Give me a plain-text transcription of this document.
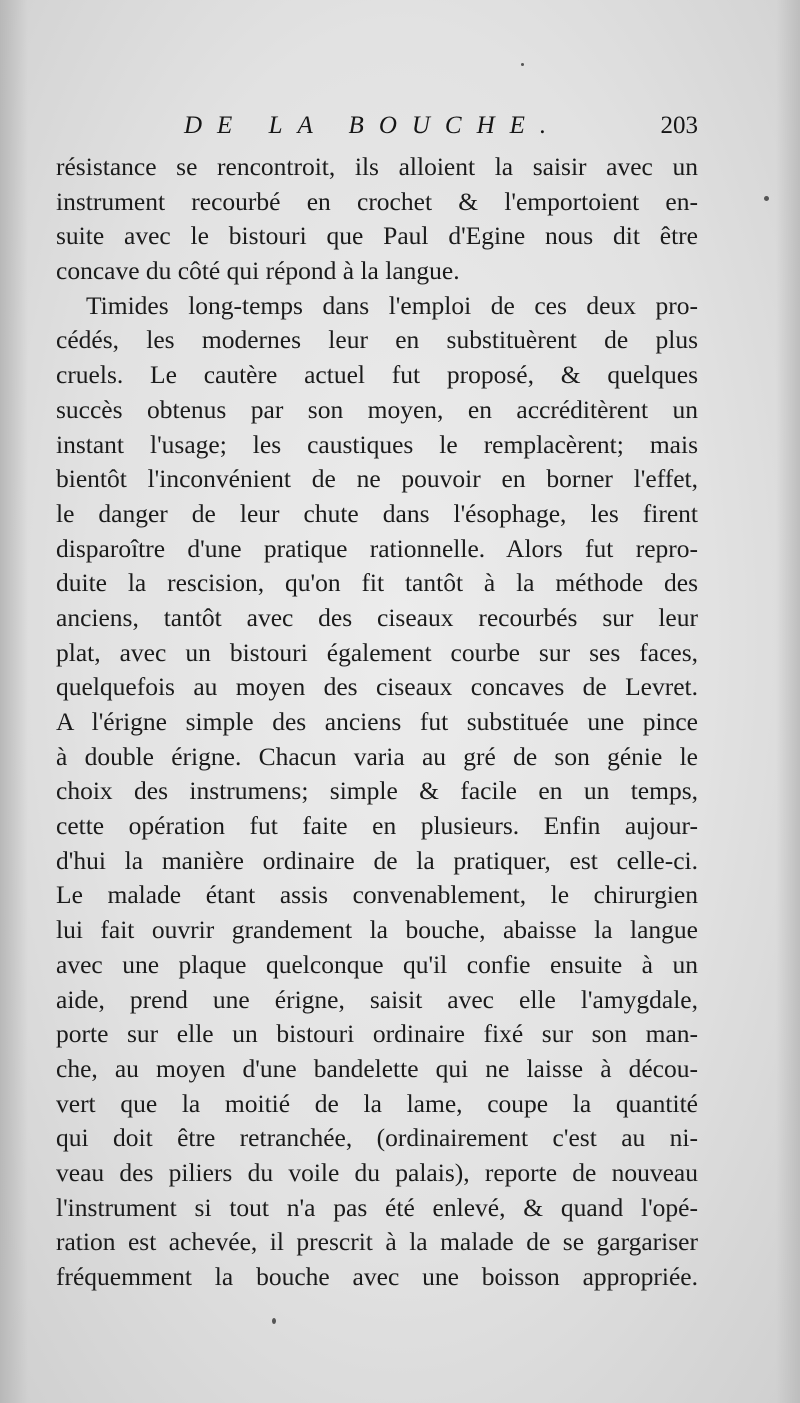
DE LA BOUCHE.	203
résistance se rencontroit, ils alloient la saisir avec un
instrument recourbé en crochet & l'emportoient en-
suite avec le bistouri que Paul d'Egine nous dit être
concave du côté qui répond à la langue.
Timides long-temps dans l'emploi de ces deux pro-
cédés, les modernes leur en substituèrent de plus
cruels. Le cautère actuel fut proposé, & quelques
succès obtenus par son moyen, en accréditèrent un
instant l'usage; les caustiques le remplacèrent; mais
bientôt l'inconvénient de ne pouvoir en borner l'effet,
le danger de leur chute dans l'ésophage, les firent
disparoître d'une pratique rationnelle. Alors fut repro-
duite la rescision, qu'on fit tantôt à la méthode des
anciens, tantôt avec des ciseaux recourbés sur leur
plat, avec un bistouri également courbe sur ses faces,
quelquefois au moyen des ciseaux concaves de Levret.
A l'érigne simple des anciens fut substituée une pince
à double érigne. Chacun varia au gré de son génie le
choix des instrumens; simple & facile en un temps,
cette opération fut faite en plusieurs. Enfin aujour-
d'hui la manière ordinaire de la pratiquer, est celle-ci.
Le malade étant assis convenablement, le chirurgien
lui fait ouvrir grandement la bouche, abaisse la langue
avec une plaque quelconque qu'il confie ensuite à un
aide, prend une érigne, saisit avec elle l'amygdale,
porte sur elle un bistouri ordinaire fixé sur son man-
che, au moyen d'une bandelette qui ne laisse à décou-
vert que la moitié de la lame, coupe la quantité
qui doit être retranchée, (ordinairement c'est au ni-
veau des piliers du voile du palais), reporte de nouveau
l'instrument si tout n'a pas été enlevé, & quand l'opé-
ration est achevée, il prescrit à la malade de se gargariser
fréquemment la bouche avec une boisson appropriée.
